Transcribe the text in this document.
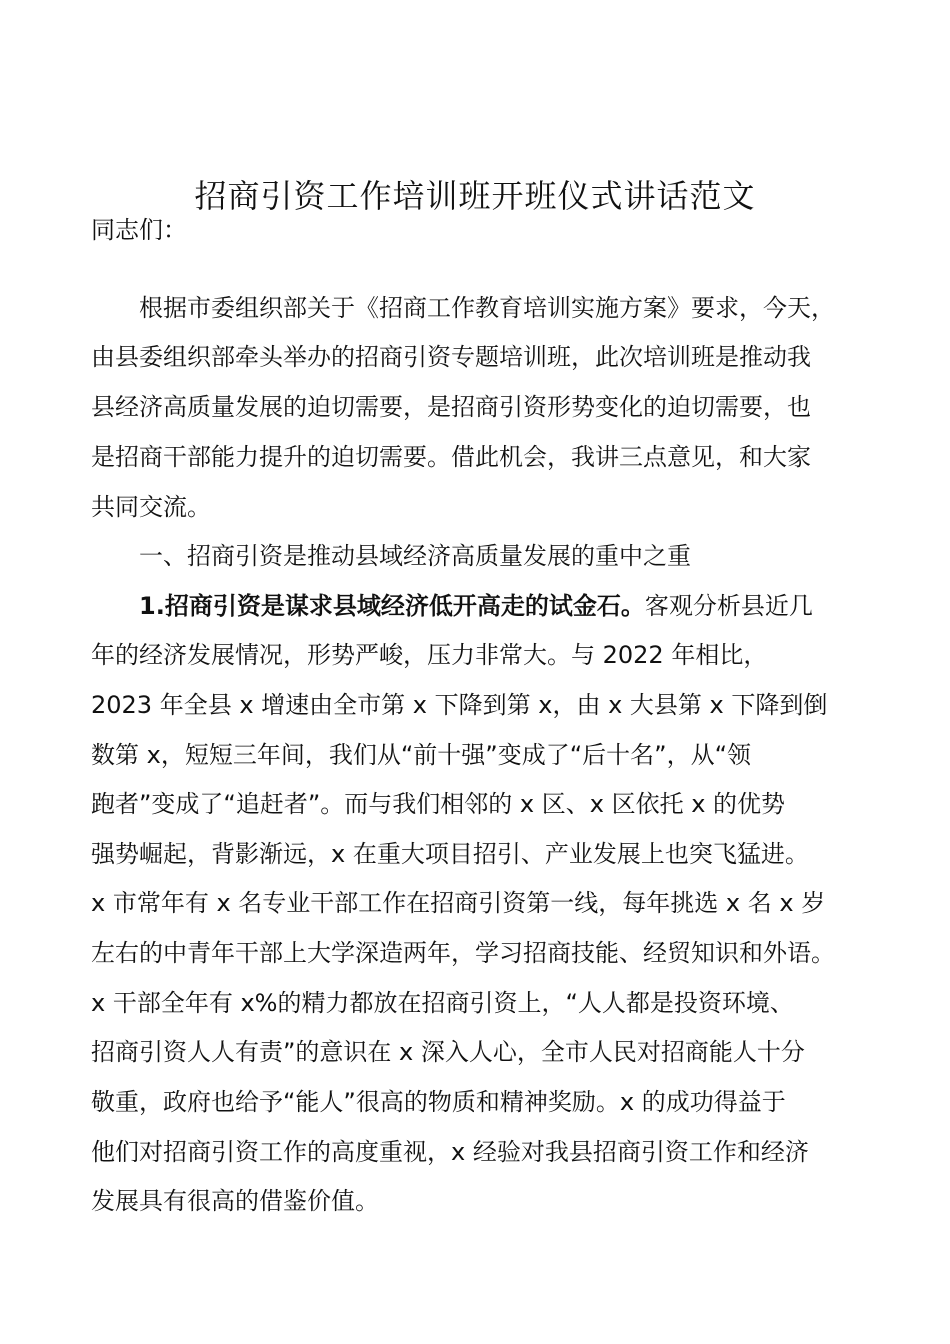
招商引资工作培训班开班仪式讲话范文

同志们：

根据市委组织部关于《招商工作教育培训实施方案》要求，今天，

由县委组织部牵头举办的招商引资专题培训班，此次培训班是推动我

县经济高质量发展的迫切需要，是招商引资形势变化的迫切需要，也

是招商干部能力提升的迫切需要。借此机会，我讲三点意见，和大家

共同交流。

一、招商引资是推动县域经济高质量发展的重中之重

1.招商引资是谋求县域经济低开高走的试金石。客观分析县近几

年的经济发展情况，形势严峻，压力非常大。与 2022 年相比，

2023 年全县 x 增速由全市第 x 下降到第 x，由 x 大县第 x 下降到倒

数第 x，短短三年间，我们从“前十强”变成了“后十名”，从“领

跑者”变成了“追赶者”。而与我们相邻的 x 区、x 区依托 x 的优势

强势崛起，背影渐远，x 在重大项目招引、产业发展上也突飞猛进。

x 市常年有 x 名专业干部工作在招商引资第一线，每年挑选 x 名 x 岁

左右的中青年干部上大学深造两年，学习招商技能、经贸知识和外语。

x 干部全年有 x%的精力都放在招商引资上，“人人都是投资环境、

招商引资人人有责”的意识在 x 深入人心，全市人民对招商能人十分

敬重，政府也给予“能人”很高的物质和精神奖励。x 的成功得益于

他们对招商引资工作的高度重视，x 经验对我县招商引资工作和经济

发展具有很高的借鉴价值。
